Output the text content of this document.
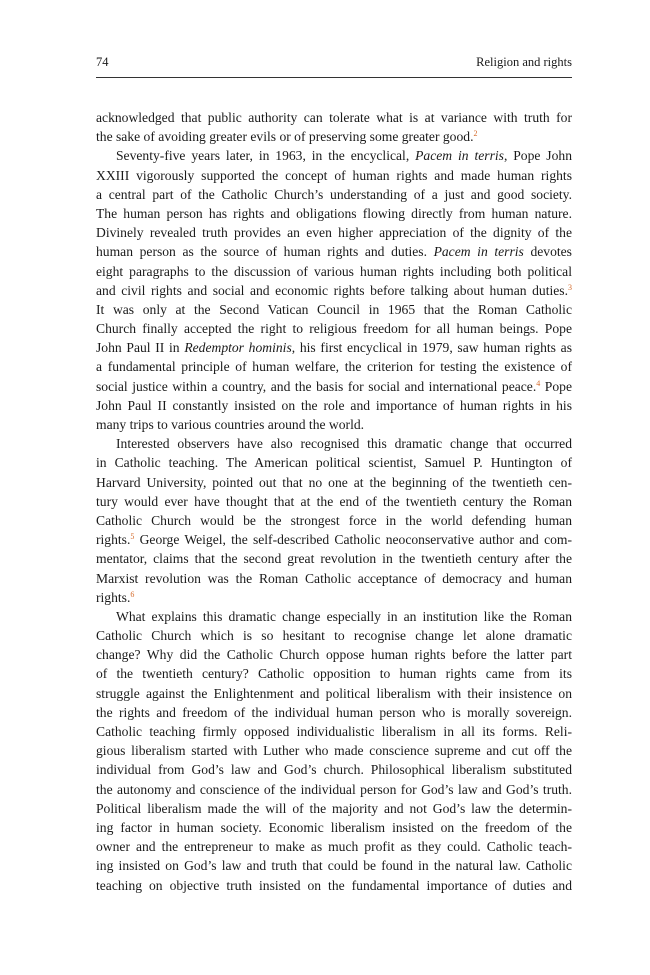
74	Religion and rights
acknowledged that public authority can tolerate what is at variance with truth for
the sake of avoiding greater evils or of preserving some greater good.$^2$
Seventy-five years later, in 1963, in the encyclical, Pacem in terris, Pope John
XXIII vigorously supported the concept of human rights and made human rights
a central part of the Catholic Church’s understanding of a just and good society.
The human person has rights and obligations flowing directly from human nature.
Divinely revealed truth provides an even higher appreciation of the dignity of the
human person as the source of human rights and duties. Pacem in terris devotes
eight paragraphs to the discussion of various human rights including both political
and civil rights and social and economic rights before talking about human duties.$^3$
It was only at the Second Vatican Council in 1965 that the Roman Catholic
Church finally accepted the right to religious freedom for all human beings. Pope
John Paul II in Redemptor hominis, his first encyclical in 1979, saw human rights as
a fundamental principle of human welfare, the criterion for testing the existence of
social justice within a country, and the basis for social and international peace.$^4$ Pope
John Paul II constantly insisted on the role and importance of human rights in his
many trips to various countries around the world.
Interested observers have also recognised this dramatic change that occurred
in Catholic teaching. The American political scientist, Samuel P. Huntington of
Harvard University, pointed out that no one at the beginning of the twentieth cen-
tury would ever have thought that at the end of the twentieth century the Roman
Catholic Church would be the strongest force in the world defending human
rights.$^5$ George Weigel, the self-described Catholic neoconservative author and com-
mentator, claims that the second great revolution in the twentieth century after the
Marxist revolution was the Roman Catholic acceptance of democracy and human
rights.$^6$
What explains this dramatic change especially in an institution like the Roman
Catholic Church which is so hesitant to recognise change let alone dramatic
change? Why did the Catholic Church oppose human rights before the latter part
of the twentieth century? Catholic opposition to human rights came from its
struggle against the Enlightenment and political liberalism with their insistence on
the rights and freedom of the individual human person who is morally sovereign.
Catholic teaching firmly opposed individualistic liberalism in all its forms. Reli-
gious liberalism started with Luther who made conscience supreme and cut off the
individual from God’s law and God’s church. Philosophical liberalism substituted
the autonomy and conscience of the individual person for God’s law and God’s truth.
Political liberalism made the will of the majority and not God’s law the determin-
ing factor in human society. Economic liberalism insisted on the freedom of the
owner and the entrepreneur to make as much profit as they could. Catholic teach-
ing insisted on God’s law and truth that could be found in the natural law. Catholic
teaching on objective truth insisted on the fundamental importance of duties and
